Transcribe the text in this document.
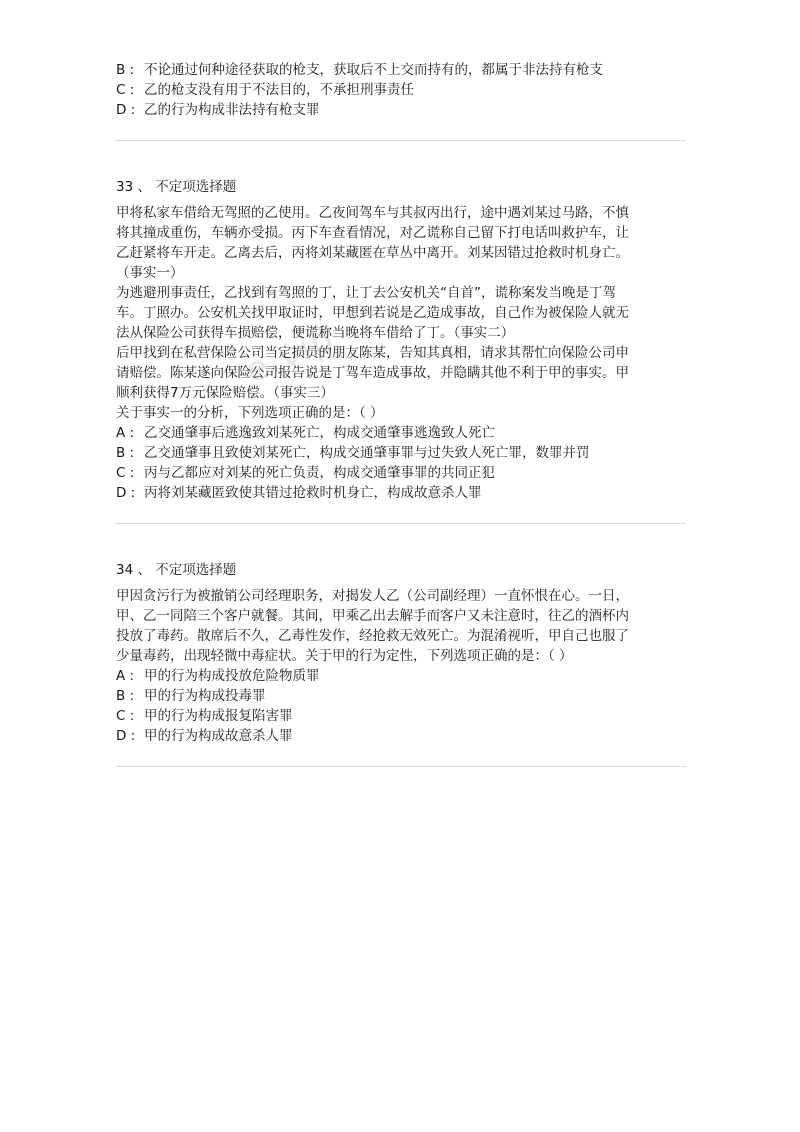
e.vip
B : 不论通过何种途径获取的枪支，获取后不上交而持有的，都属于非法持有枪支
C : 乙的枪支没有用于不法目的，不承担刑事责任
D : 乙的行为构成非法持有枪支罪
33 、 不定项选择题

甲将私家车借给无驾照的乙使用。乙夜间驾车与其叔丙出行，途中遇刘某过马路，不慎

将其撞成重伤，车辆亦受损。丙下车查看情况，对乙谎称自己留下打电话叫救护车，让

乙赶紧将车开走。乙离去后，丙将刘某藏匿在草丛中离开。刘某因错过抢救时机身亡。

（事实一）

为逃避刑事责任，乙找到有驾照的丁，让丁去公安机关“自首”，谎称案发当晚是丁驾

车。丁照办。公安机关找甲取证时，甲想到若说是乙造成事故，自己作为被保险人就无

法从保险公司获得车损赔偿，便谎称当晚将车借给了丁。（事实二）

后甲找到在私营保险公司当定损员的朋友陈某，告知其真相，请求其帮忙向保险公司申

请赔偿。陈某遂向保险公司报告说是丁驾车造成事故，并隐瞒其他不利于甲的事实。甲

顺利获得7万元保险赔偿。（事实三）

关于事实一的分析，下列选项正确的是：（ ）

A : 乙交通肇事后逃逸致刘某死亡，构成交通肇事逃逸致人死亡
B : 乙交通肇事且致使刘某死亡，构成交通肇事罪与过失致人死亡罪，数罪并罚
C : 丙与乙都应对刘某的死亡负责，构成交通肇事罪的共同正犯
D : 丙将刘某藏匿致使其错过抢救时机身亡，构成故意杀人罪
34 、 不定项选择题

甲因贪污行为被撤销公司经理职务，对揭发人乙（公司副经理）一直怀恨在心。一日，

甲、乙一同陪三个客户就餐。其间，甲乘乙出去解手而客户又未注意时，往乙的酒杯内

投放了毒药。散席后不久，乙毒性发作，经抢救无效死亡。为混淆视听，甲自己也服了

少量毒药，出现轻微中毒症状。关于甲的行为定性，下列选项正确的是：（ ）

A : 甲的行为构成投放危险物质罪
B : 甲的行为构成投毒罪
C : 甲的行为构成报复陷害罪
D : 甲的行为构成故意杀人罪
